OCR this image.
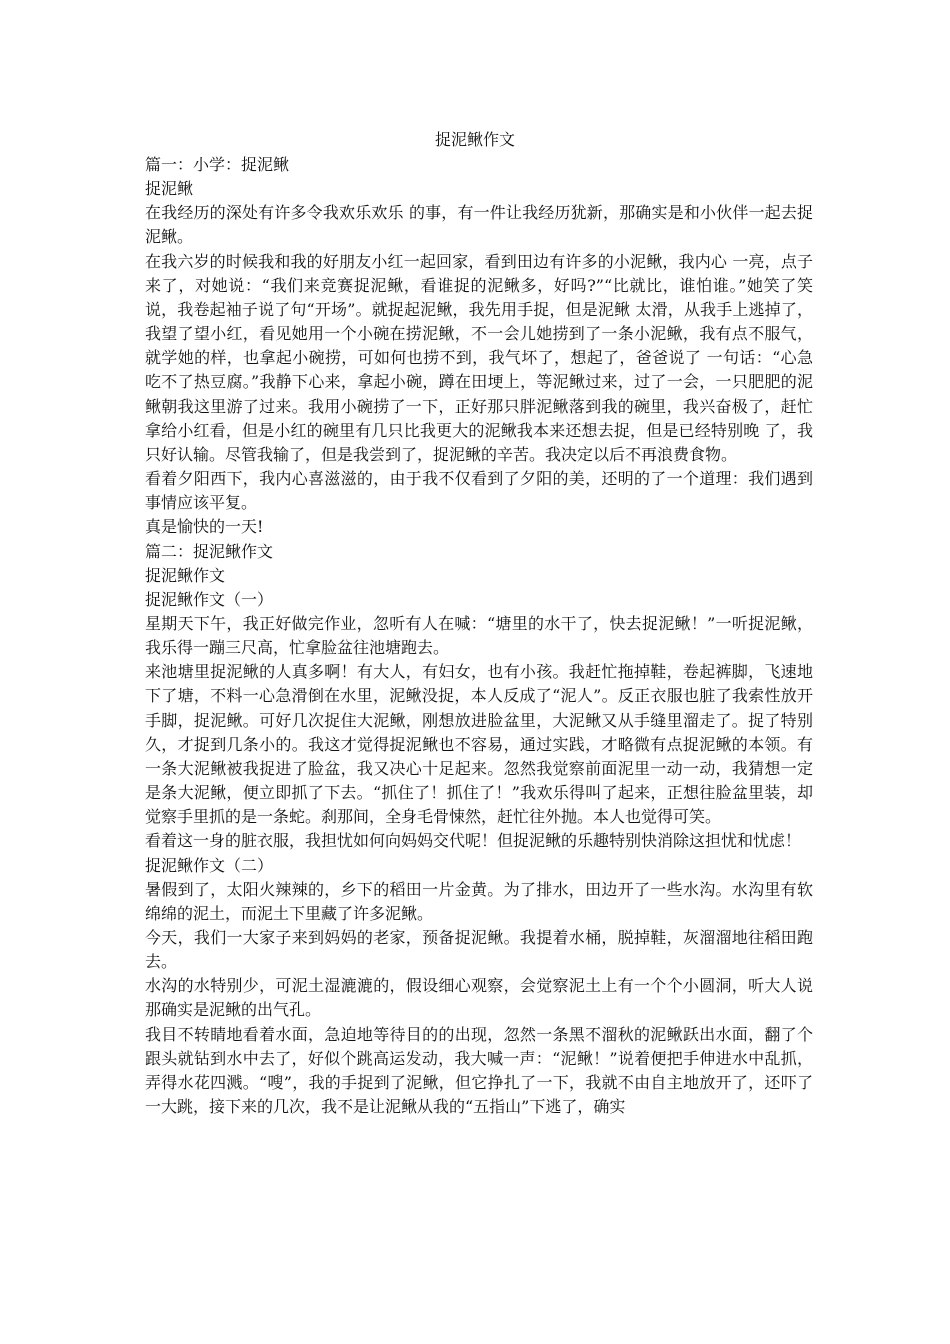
捉泥鳅作文

篇一：小学：捉泥鳅

捉泥鳅

在我经历的深处有许多令我欢乐欢乐 的事，有一件让我经历犹新，那确实是和小伙伴一起去捉泥鳅。

在我六岁的时候我和我的好朋友小红一起回家，看到田边有许多的小泥鳅，我内心 一亮，点子来了，对她说：“我们来竞赛捉泥鳅，看谁捉的泥鳅多，好吗?”“比就比，谁怕谁。”她笑了笑说，我卷起袖子说了句“开场”。就捉起泥鳅，我先用手捉，但是泥鳅 太滑，从我手上逃掉了，我望了望小红，看见她用一个小碗在捞泥鳅，不一会儿她捞到了一条小泥鳅，我有点不服气，就学她的样，也拿起小碗捞，可如何也捞不到，我气坏了，想起了，爸爸说了 一句话：“心急吃不了热豆腐。”我静下心来，拿起小碗，蹲在田埂上，等泥鳅过来，过了一会，一只肥肥的泥鳅朝我这里游了过来。我用小碗捞了一下，正好那只胖泥鳅落到我的碗里，我兴奋极了，赶忙拿给小红看，但是小红的碗里有几只比我更大的泥鳅我本来还想去捉，但是已经特别晚 了，我只好认输。尽管我输了，但是我尝到了，捉泥鳅的辛苦。我决定以后不再浪费食物。

看着夕阳西下，我内心喜滋滋的，由于我不仅看到了夕阳的美，还明的了一个道理：我们遇到事情应该平复。

真是愉快的一天!

篇二：捉泥鳅作文

捉泥鳅作文

捉泥鳅作文（一）

星期天下午，我正好做完作业，忽听有人在喊：“塘里的水干了，快去捉泥鳅！”一听捉泥鳅，我乐得一蹦三尺高，忙拿脸盆往池塘跑去。

来池塘里捉泥鳅的人真多啊！有大人，有妇女，也有小孩。我赶忙拖掉鞋，卷起裤脚，飞速地下了塘，不料一心急滑倒在水里，泥鳅没捉，本人反成了“泥人”。反正衣服也脏了我索性放开手脚，捉泥鳅。可好几次捉住大泥鳅，刚想放进脸盆里，大泥鳅又从手缝里溜走了。捉了特别久，才捉到几条小的。我这才觉得捉泥鳅也不容易，通过实践，才略微有点捉泥鳅的本领。有一条大泥鳅被我捉进了脸盆，我又决心十足起来。忽然我觉察前面泥里一动一动，我猜想一定是条大泥鳅，便立即抓了下去。“抓住了！抓住了！”我欢乐得叫了起来，正想往脸盆里装，却觉察手里抓的是一条蛇。刹那间，全身毛骨悚然，赶忙往外抛。本人也觉得可笑。

看着这一身的脏衣服，我担忧如何向妈妈交代呢！但捉泥鳅的乐趣特别快消除这担忧和忧虑！

捉泥鳅作文（二）

暑假到了，太阳火辣辣的，乡下的稻田一片金黄。为了排水，田边开了一些水沟。水沟里有软绵绵的泥土，而泥土下里藏了许多泥鳅。

今天，我们一大家子来到妈妈的老家，预备捉泥鳅。我提着水桶，脱掉鞋，灰溜溜地往稻田跑去。

水沟的水特别少，可泥土湿漉漉的，假设细心观察，会觉察泥土上有一个个小圆洞，听大人说那确实是泥鳅的出气孔。

我目不转睛地看着水面，急迫地等待目的的出现，忽然一条黑不溜秋的泥鳅跃出水面，翻了个跟头就钻到水中去了，好似个跳高运发动，我大喊一声：“泥鳅！”说着便把手伸进水中乱抓，弄得水花四溅。“嗖”，我的手捉到了泥鳅，但它挣扎了一下，我就不由自主地放开了，还吓了一大跳，接下来的几次，我不是让泥鳅从我的“五指山”下逃了，确实
